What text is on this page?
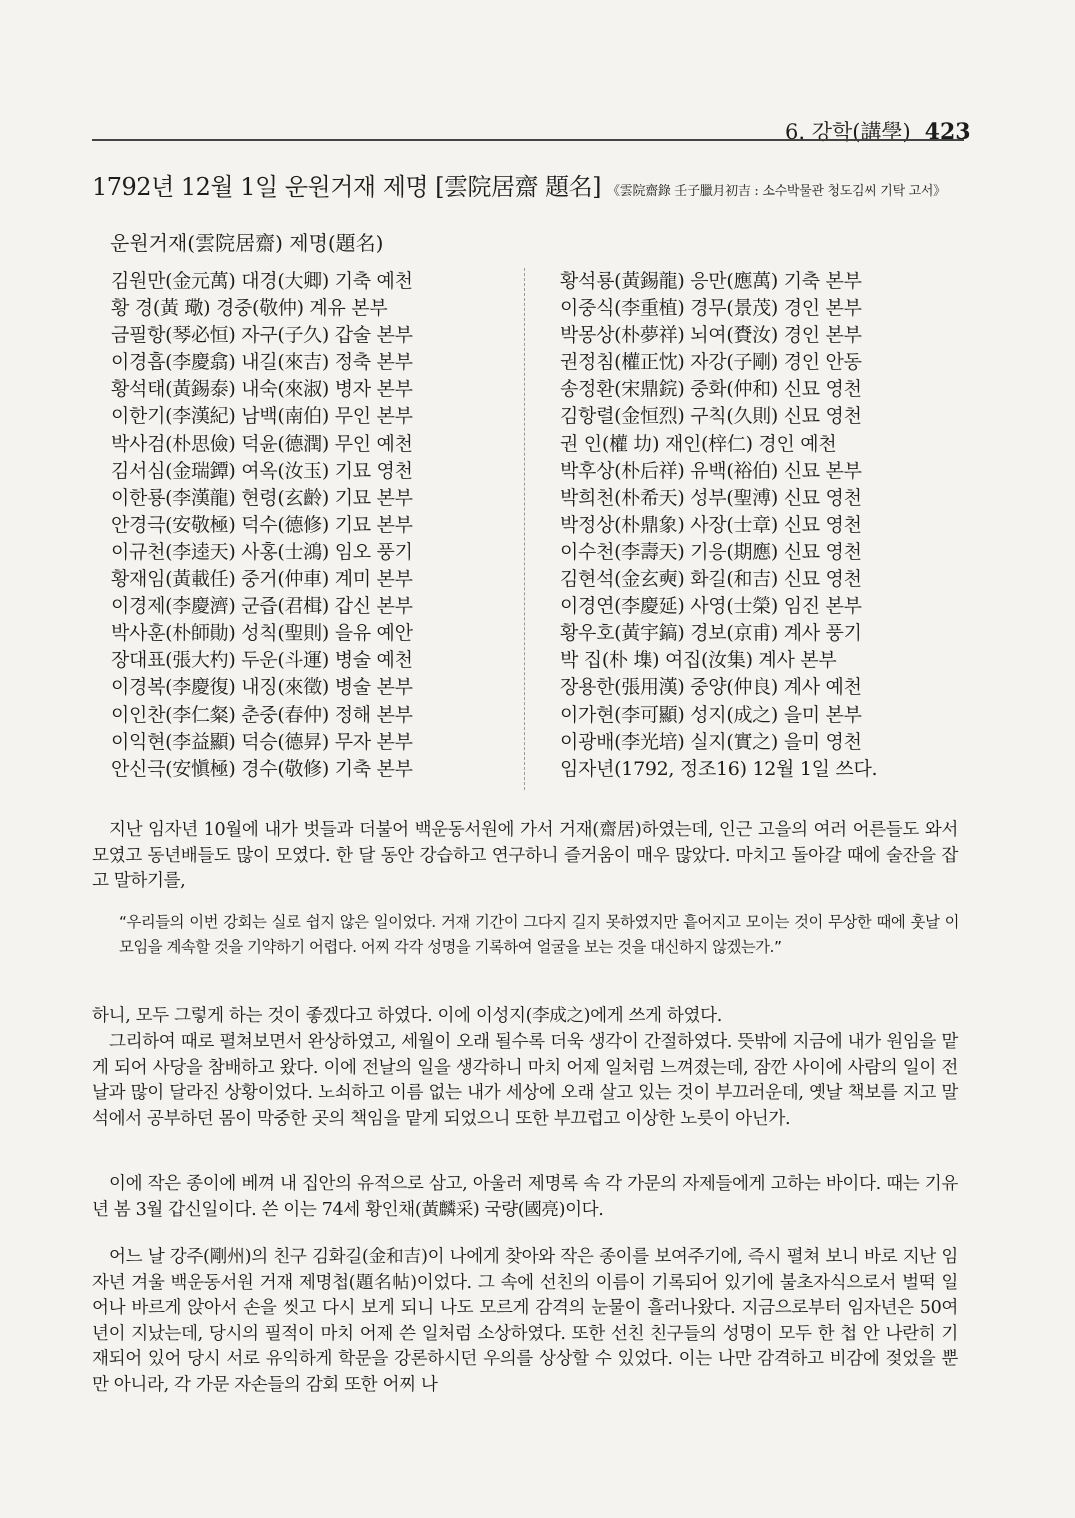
6. 강학(講學) 423
1792년 12월 1일 운원거재 제명 [雲院居齋 題名] 《雲院齋錄 壬子臘月初吉 : 소수박물관 청도김씨 기탁 고서》
운원거재(雲院居齋) 제명(題名)
김원만(金元萬) 대경(大卿) 기축 예천
황 경(黃 璥) 경중(敬仲) 계유 본부
금필항(琴必恒) 자구(子久) 갑술 본부
이경흡(李慶翕) 내길(來吉) 정축 본부
황석태(黃錫泰) 내숙(來淑) 병자 본부
이한기(李漢紀) 남백(南伯) 무인 본부
박사검(朴思儉) 덕윤(德潤) 무인 예천
김서심(金瑞鐔) 여옥(汝玉) 기묘 영천
이한룡(李漢龍) 현령(玄齡) 기묘 본부
안경극(安敬極) 덕수(德修) 기묘 본부
이규천(李逵天) 사홍(士鴻) 임오 풍기
황재임(黃載任) 중거(仲車) 계미 본부
이경제(李慶濟) 군즙(君楫) 갑신 본부
박사훈(朴師勛) 성칙(聖則) 을유 예안
장대표(張大杓) 두운(斗運) 병술 예천
이경복(李慶復) 내징(來徵) 병술 본부
이인찬(李仁粲) 춘중(春仲) 정해 본부
이익현(李益顯) 덕승(德昇) 무자 본부
안신극(安愼極) 경수(敬修) 기축 본부
황석룡(黃錫龍) 응만(應萬) 기축 본부
이중식(李重植) 경무(景茂) 경인 본부
박몽상(朴夢祥) 뇌여(賚汝) 경인 본부
권정침(權正忱) 자강(子剛) 경인 안동
송정환(宋鼎鋎) 중화(仲和) 신묘 영천
김항렬(金恒烈) 구칙(久則) 신묘 영천
권 인(權 㘦) 재인(梓仁) 경인 예천
박후상(朴后祥) 유백(裕伯) 신묘 본부
박희천(朴希天) 성부(聖溥) 신묘 영천
박정상(朴鼎象) 사장(士章) 신묘 영천
이수천(李壽天) 기응(期應) 신묘 영천
김현석(金玄奭) 화길(和吉) 신묘 영천
이경연(李慶延) 사영(士榮) 임진 본부
황우호(黃宇鎬) 경보(京甫) 계사 풍기
박 집(朴 㙫) 여집(汝集) 계사 본부
장용한(張用漢) 중양(仲良) 계사 예천
이가현(李可顯) 성지(成之) 을미 본부
이광배(李光培) 실지(實之) 을미 영천
임자년(1792, 정조16) 12월 1일 쓰다.

지난 임자년 10월에 내가 벗들과 더불어 백운동서원에 가서 거재(齋居)하였는데, 인근 고을의 여러 어른들도 와서 모였고 동년배들도 많이 모였다. 한 달 동안 강습하고 연구하니 즐거움이 매우 많았다. 마치고 돌아갈 때에 술잔을 잡고 말하기를,

“우리들의 이번 강회는 실로 쉽지 않은 일이었다. 거재 기간이 그다지 길지 못하였지만 흩어지고 모이는 것이 무상한 때에 훗날 이 모임을 계속할 것을 기약하기 어렵다. 어찌 각각 성명을 기록하여 얼굴을 보는 것을 대신하지 않겠는가.”

하니, 모두 그렇게 하는 것이 좋겠다고 하였다. 이에 이성지(李成之)에게 쓰게 하였다.

그리하여 때로 펼쳐보면서 완상하였고, 세월이 오래 될수록 더욱 생각이 간절하였다. 뜻밖에 지금에 내가 원임을 맡게 되어 사당을 참배하고 왔다. 이에 전날의 일을 생각하니 마치 어제 일처럼 느껴졌는데, 잠깐 사이에 사람의 일이 전날과 많이 달라진 상황이었다. 노쇠하고 이름 없는 내가 세상에 오래 살고 있는 것이 부끄러운데, 옛날 책보를 지고 말석에서 공부하던 몸이 막중한 곳의 책임을 맡게 되었으니 또한 부끄럽고 이상한 노릇이 아닌가.

이에 작은 종이에 베껴 내 집안의 유적으로 삼고, 아울러 제명록 속 각 가문의 자제들에게 고하는 바이다. 때는 기유년 봄 3월 갑신일이다. 쓴 이는 74세 황인채(黃麟采) 국량(國亮)이다.

어느 날 강주(剛州)의 친구 김화길(金和吉)이 나에게 찾아와 작은 종이를 보여주기에, 즉시 펼쳐 보니 바로 지난 임자년 겨울 백운동서원 거재 제명첩(題名帖)이었다. 그 속에 선친의 이름이 기록되어 있기에 불초자식으로서 벌떡 일어나 바르게 앉아서 손을 씻고 다시 보게 되니 나도 모르게 감격의 눈물이 흘러나왔다. 지금으로부터 임자년은 50여 년이 지났는데, 당시의 필적이 마치 어제 쓴 일처럼 소상하였다. 또한 선친 친구들의 성명이 모두 한 첩 안 나란히 기재되어 있어 당시 서로 유익하게 학문을 강론하시던 우의를 상상할 수 있었다. 이는 나만 감격하고 비감에 젖었을 뿐만 아니라, 각 가문 자손들의 감회 또한 어찌 나
